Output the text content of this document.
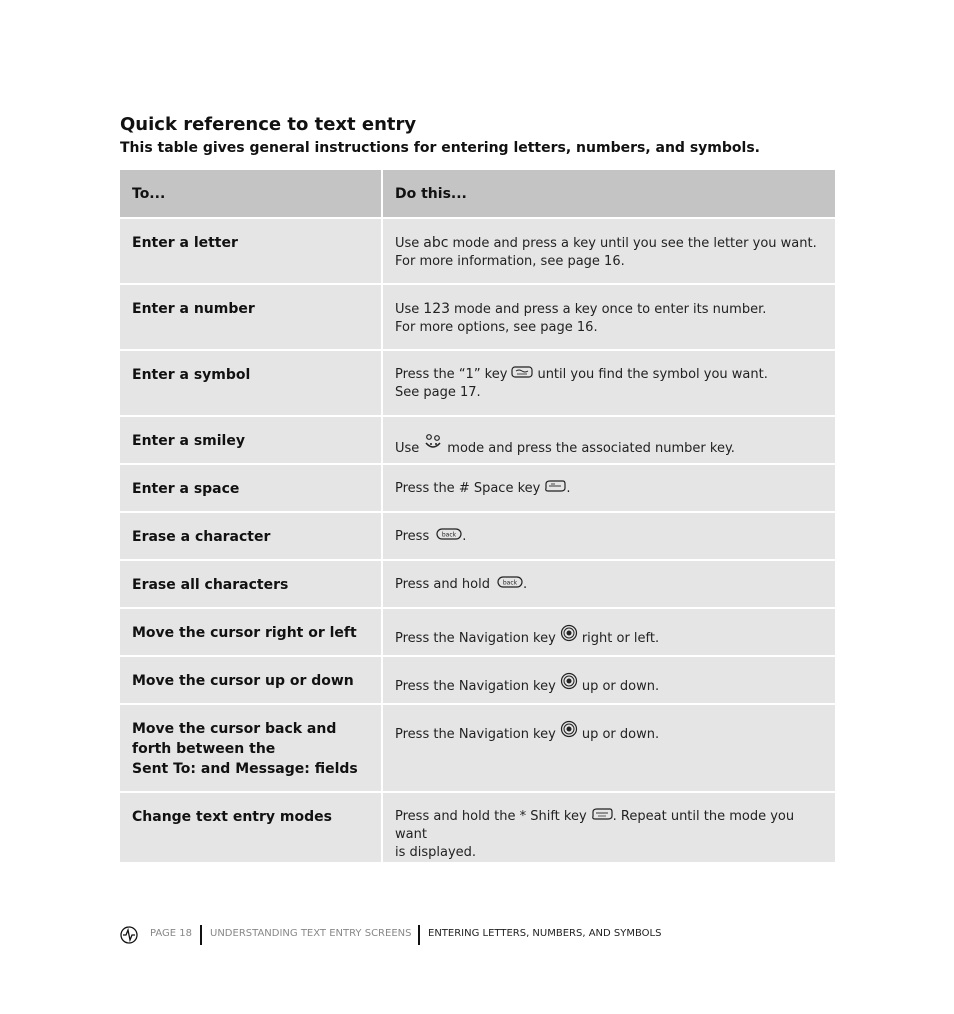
Quick reference to text entry

This table gives general instructions for entering letters, numbers, and symbols.

To...	Do this...
Enter a letter	Use abc mode and press a key until you see the letter you want.
For more information, see page 16.
Enter a number	Use 123 mode and press a key once to enter its number.
For more options, see page 16.
Enter a symbol	Press the “1” key until you find the symbol you want.
See page 17.
Enter a smiley	Use mode and press the associated number key.
Enter a space	Press the # Space key .
Erase a character	Press back .
Erase all characters	Press and hold back .
Move the cursor right or left	Press the Navigation key right or left.
Move the cursor up or down	Press the Navigation key up or down.
Move the cursor back and
forth between the
Sent To: and Message: fields	Press the Navigation key up or down.
Change text entry modes	Press and hold the * Shift key . Repeat until the mode you want
is displayed.
PAGE 18 UNDERSTANDING TEXT ENTRY SCREENS ENTERING LETTERS, NUMBERS, AND SYMBOLS
